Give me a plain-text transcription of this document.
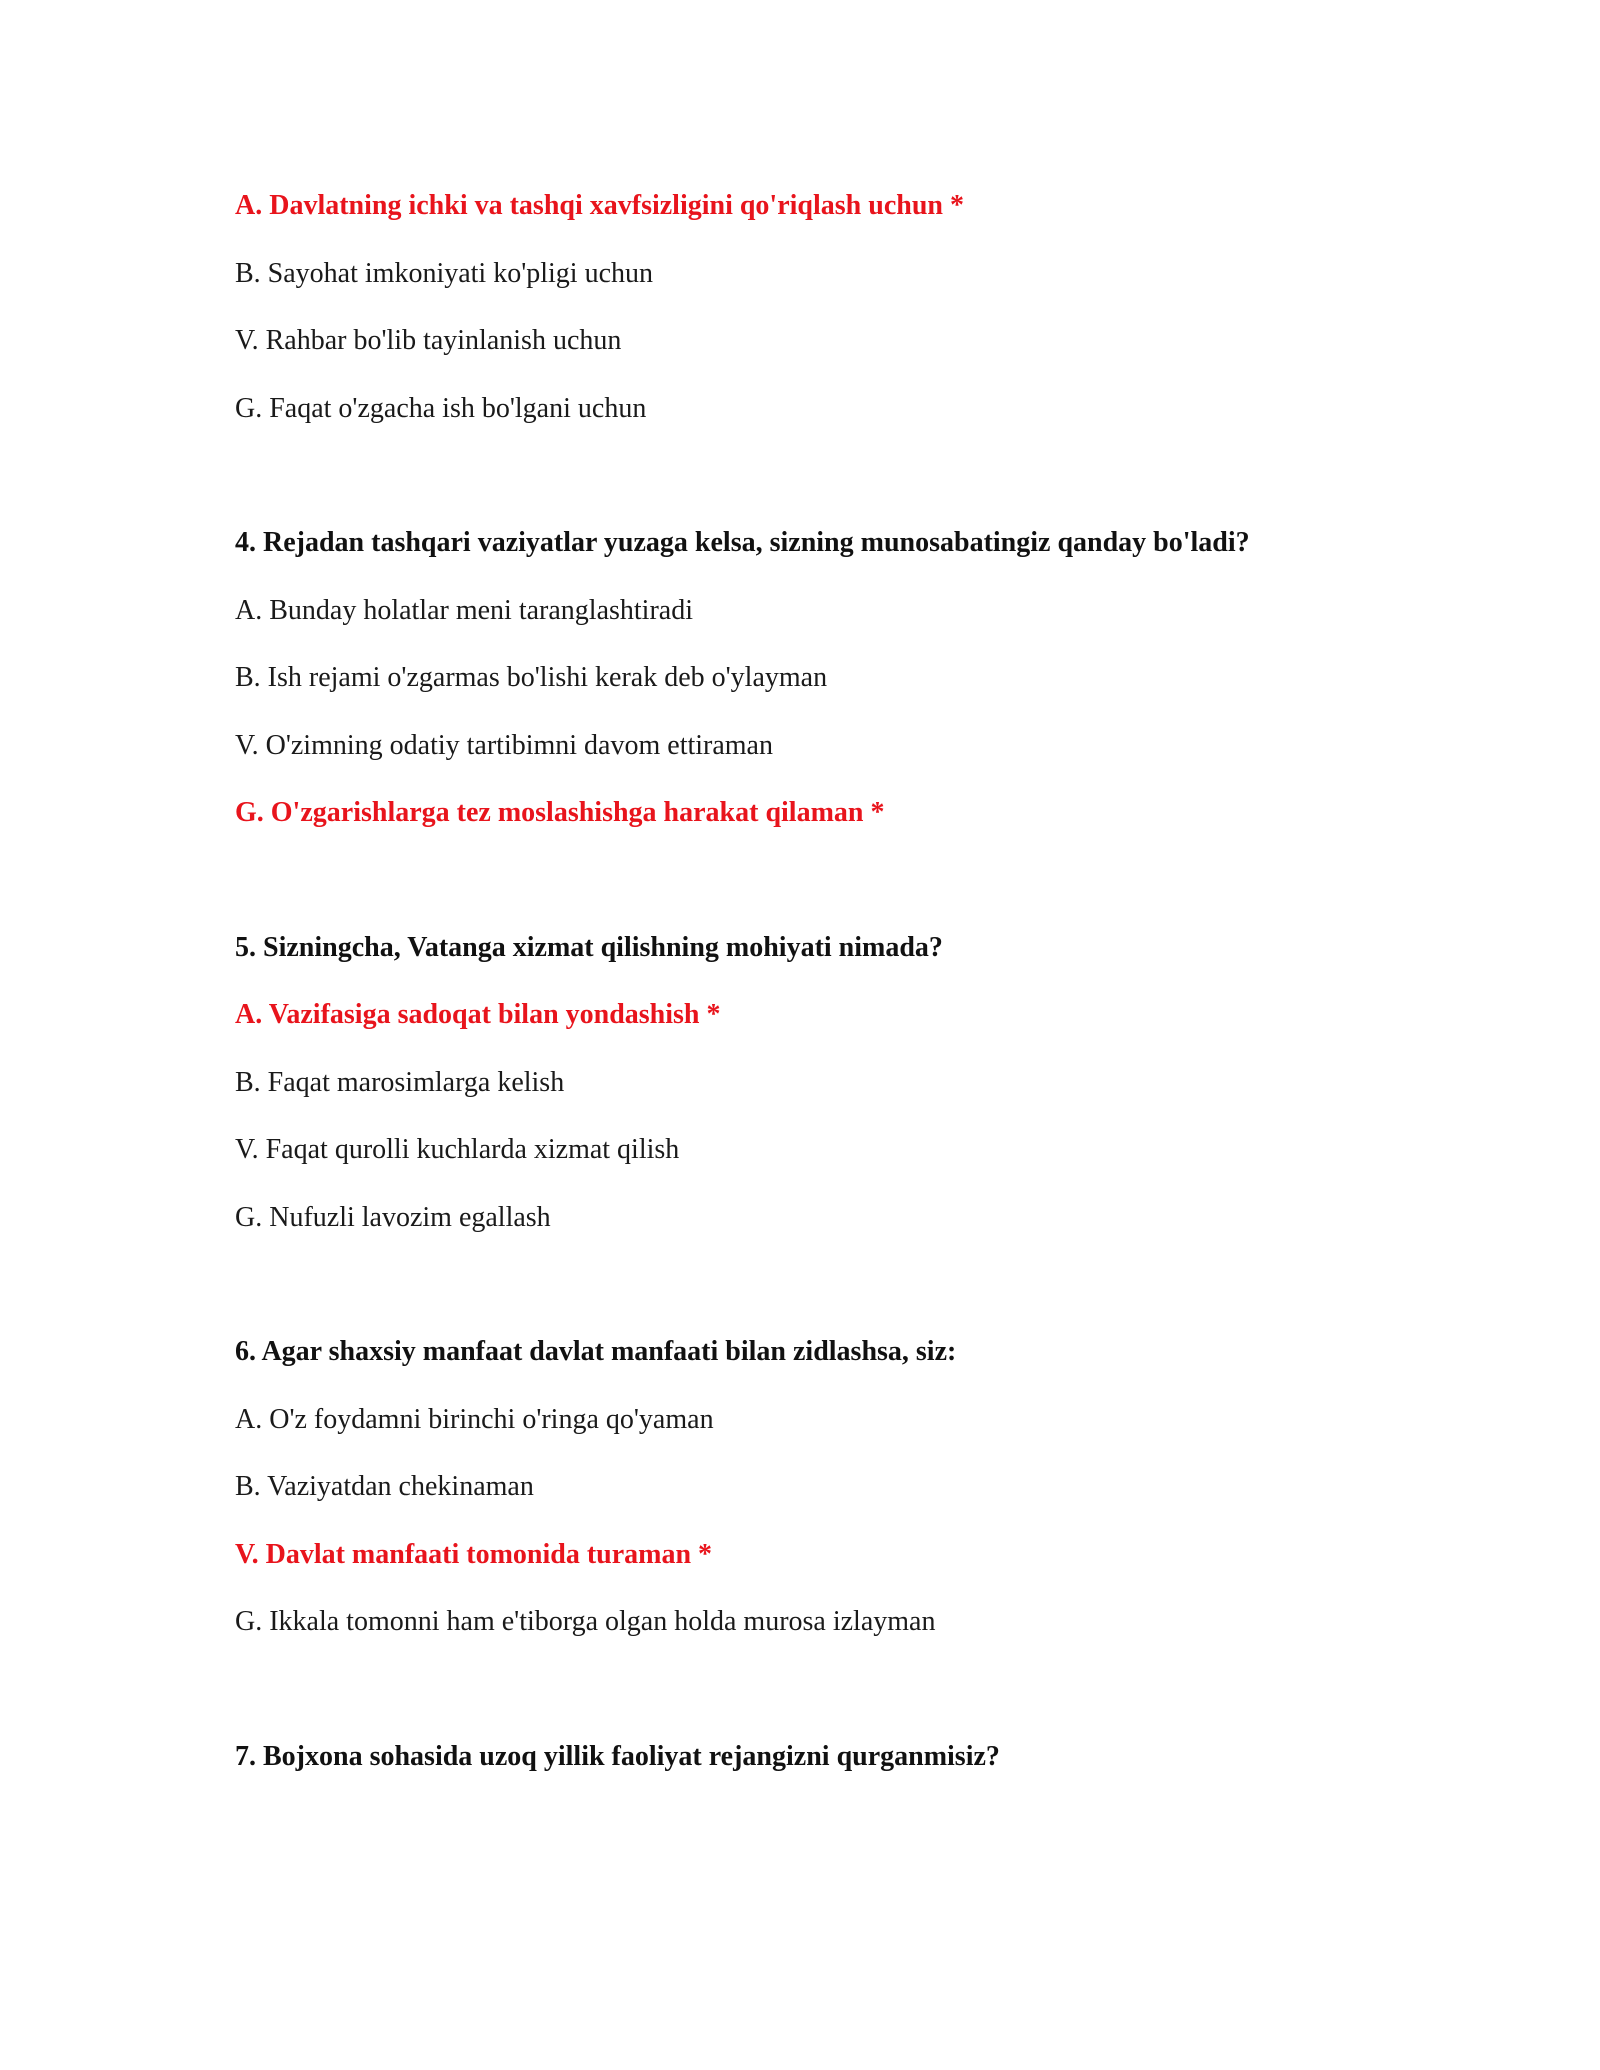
A. Davlatning ichki va tashqi xavfsizligini qo'riqlash uchun *

B. Sayohat imkoniyati ko'pligi uchun

V. Rahbar bo'lib tayinlanish uchun

G. Faqat o'zgacha ish bo'lgani uchun

4. Rejadan tashqari vaziyatlar yuzaga kelsa, sizning munosabatingiz qanday bo'ladi?

A. Bunday holatlar meni taranglashtiradi

B. Ish rejami o'zgarmas bo'lishi kerak deb o'ylayman

V. O'zimning odatiy tartibimni davom ettiraman

G. O'zgarishlarga tez moslashishga harakat qilaman *

5. Sizningcha, Vatanga xizmat qilishning mohiyati nimada?

A. Vazifasiga sadoqat bilan yondashish *

B. Faqat marosimlarga kelish

V. Faqat qurolli kuchlarda xizmat qilish

G. Nufuzli lavozim egallash

6. Agar shaxsiy manfaat davlat manfaati bilan zidlashsa, siz:

A. O'z foydamni birinchi o'ringa qo'yaman

B. Vaziyatdan chekinaman

V. Davlat manfaati tomonida turaman *

G. Ikkala tomonni ham e'tiborga olgan holda murosa izlayman

7. Bojxona sohasida uzoq yillik faoliyat rejangizni qurganmisiz?
